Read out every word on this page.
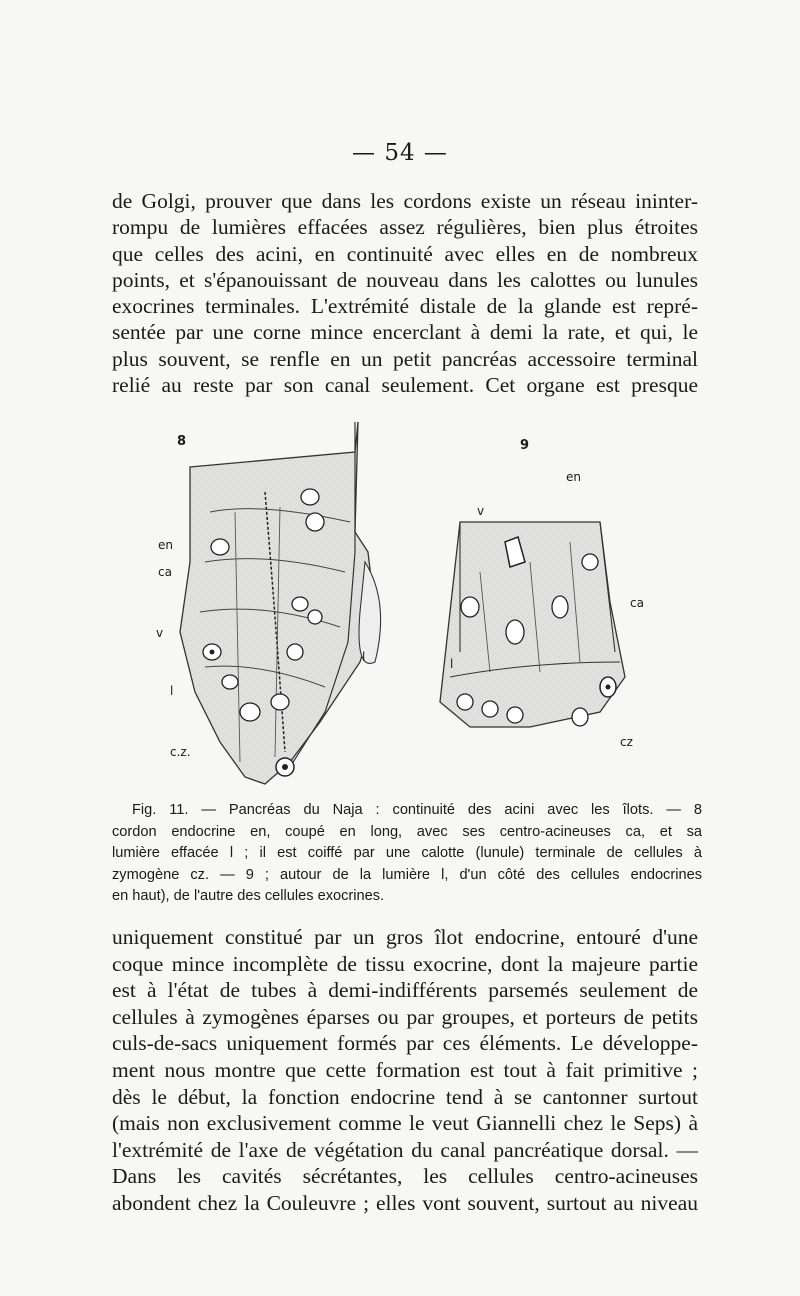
— 54 —
de Golgi, prouver que dans les cordons existe un réseau ininter-
rompu de lumières effacées assez régulières, bien plus étroites
que celles des acini, en continuité avec elles en de nombreux
points, et s'épanouissant de nouveau dans les calottes ou lunules
exocrines terminales. L'extrémité distale de la glande est repré-
sentée par une corne mince encerclant à demi la rate, et qui, le
plus souvent, se renfle en un petit pancréas accessoire terminal
relié au reste par son canal seulement. Cet organe est presque
8	9
en
ca
v
l
c.z.
l
en
v
ca
l
cz
Fig. 11. — Pancréas du Naja : continuité des acini avec les îlots. — 8
cordon endocrine en, coupé en long, avec ses centro-acineuses ca, et sa
lumière effacée l ; il est coiffé par une calotte (lunule) terminale de cellules à
zymogène cz. — 9 ; autour de la lumière l, d'un côté des cellules endocrines
en haut), de l'autre des cellules exocrines.
uniquement constitué par un gros îlot endocrine, entouré d'une
coque mince incomplète de tissu exocrine, dont la majeure partie
est à l'état de tubes à demi-indifférents parsemés seulement de
cellules à zymogènes éparses ou par groupes, et porteurs de petits
culs-de-sacs uniquement formés par ces éléments. Le développe-
ment nous montre que cette formation est tout à fait primitive ;
dès le début, la fonction endocrine tend à se cantonner surtout
(mais non exclusivement comme le veut Giannelli chez le Seps) à
l'extrémité de l'axe de végétation du canal pancréatique dorsal. —
Dans les cavités sécrétantes, les cellules centro-acineuses
abondent chez la Couleuvre ; elles vont souvent, surtout au niveau
